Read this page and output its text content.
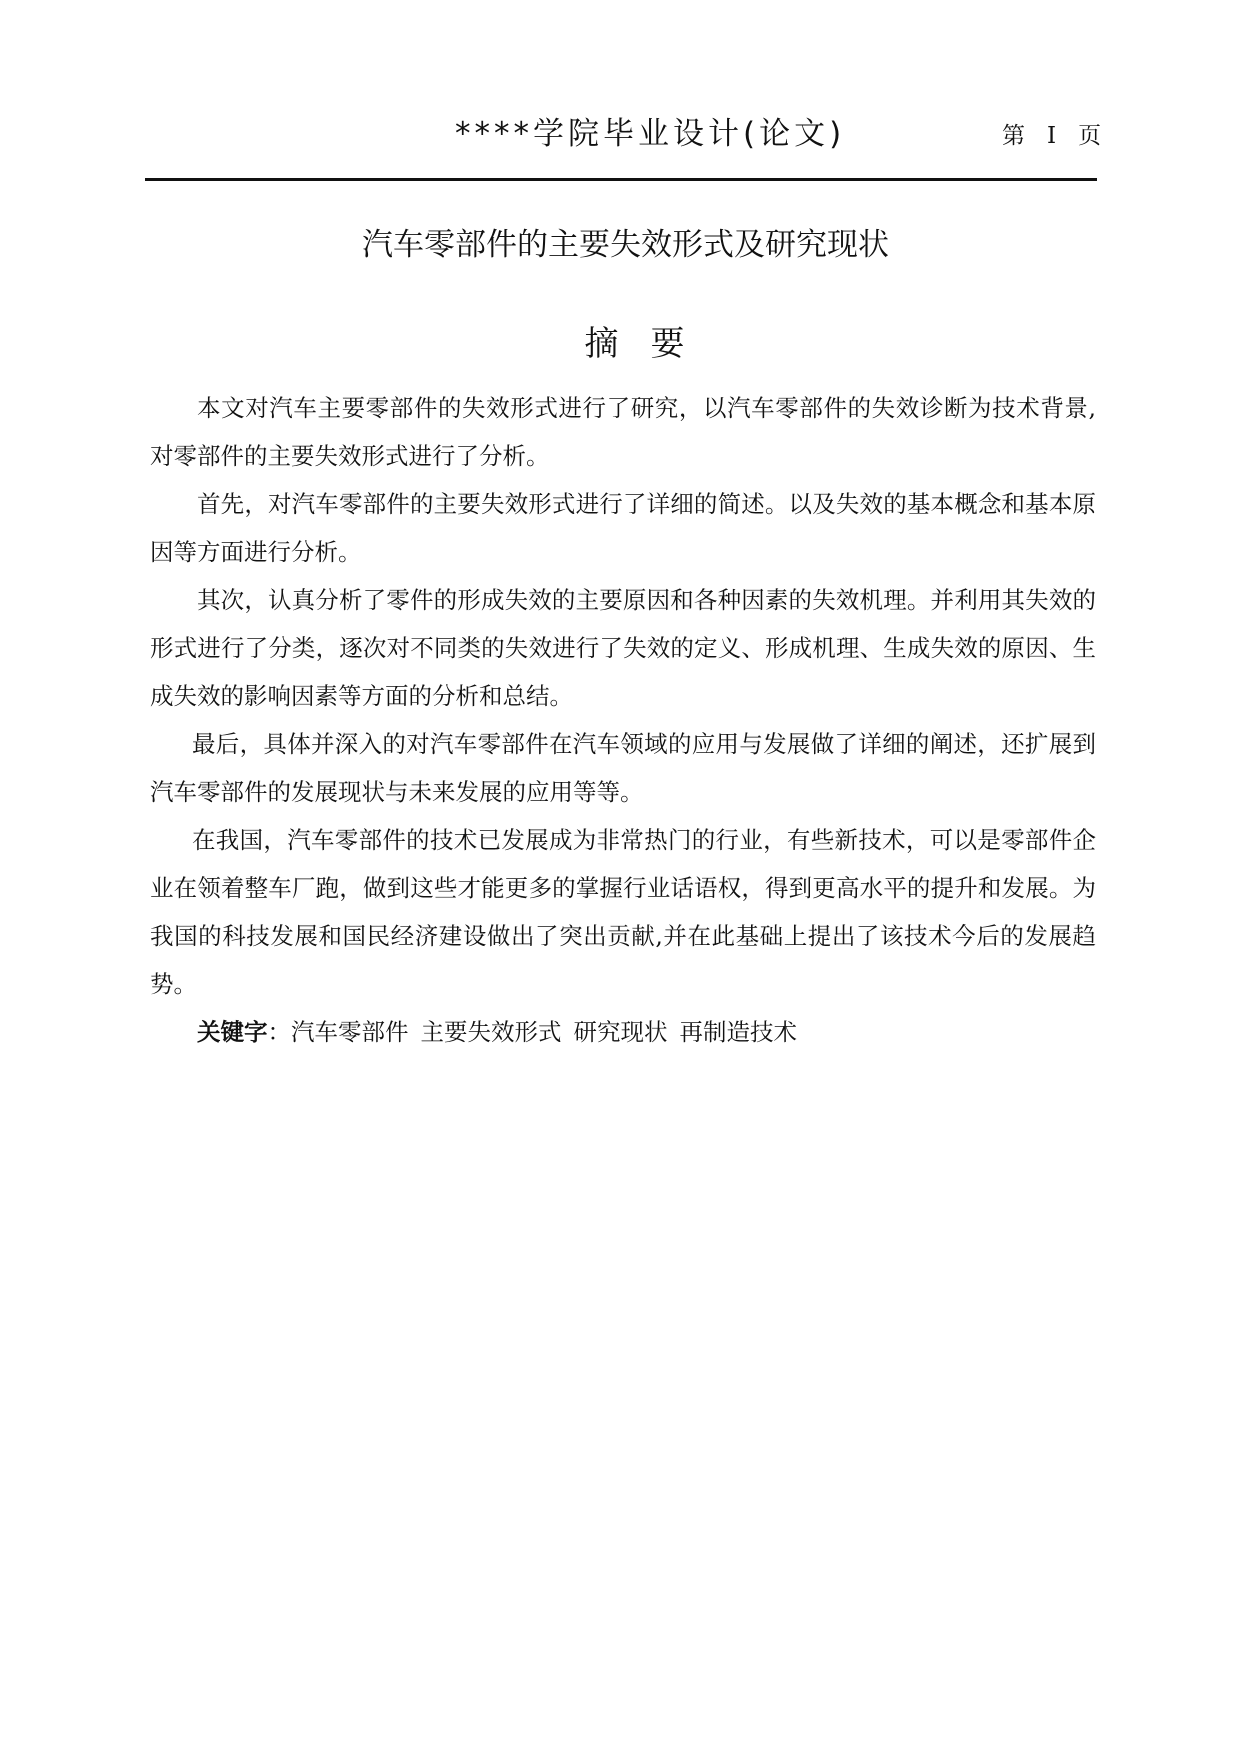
****学院毕业设计(论文)	第 I 页
汽车零部件的主要失效形式及研究现状
摘要

本文对汽车主要零部件的失效形式进行了研究，以汽车零部件的失效诊断为技术背景,对零部件的主要失效形式进行了分析。

首先，对汽车零部件的主要失效形式进行了详细的简述。以及失效的基本概念和基本原因等方面进行分析。

其次，认真分析了零件的形成失效的主要原因和各种因素的失效机理。并利用其失效的形式进行了分类，逐次对不同类的失效进行了失效的定义、形成机理、生成失效的原因、生成失效的影响因素等方面的分析和总结。

最后，具体并深入的对汽车零部件在汽车领域的应用与发展做了详细的阐述，还扩展到汽车零部件的发展现状与未来发展的应用等等。

在我国，汽车零部件的技术已发展成为非常热门的行业，有些新技术，可以是零部件企业在领着整车厂跑，做到这些才能更多的掌握行业话语权，得到更高水平的提升和发展。为我国的科技发展和国民经济建设做出了突出贡献,并在此基础上提出了该技术今后的发展趋势。

关键字：汽车零部件 主要失效形式 研究现状 再制造技术
